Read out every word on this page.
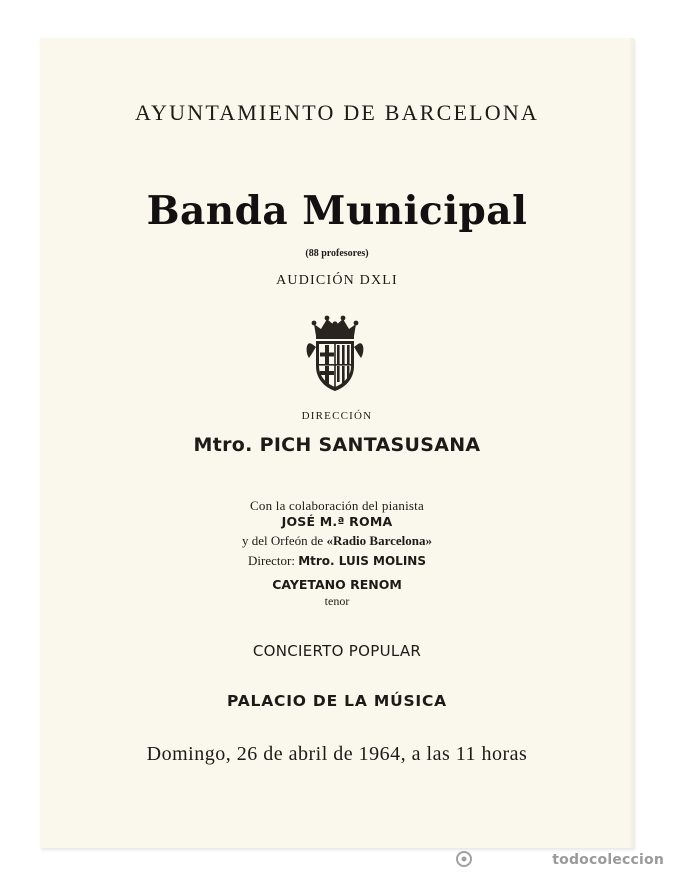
AYUNTAMIENTO DE BARCELONA
Banda Municipal
(88 profesores)
AUDICIÓN DXLI
DIRECCIÓN
Mtro. PICH SANTASUSANA
Con la colaboración del pianista
JOSÉ M.ª ROMA
y del Orfeón de «Radio Barcelona»
Director: Mtro. LUIS MOLINS
CAYETANO RENOM
tenor
CONCIERTO POPULAR
PALACIO DE LA MÚSICA
Domingo, 26 de abril de 1964, a las 11 horas
todocoleccion
